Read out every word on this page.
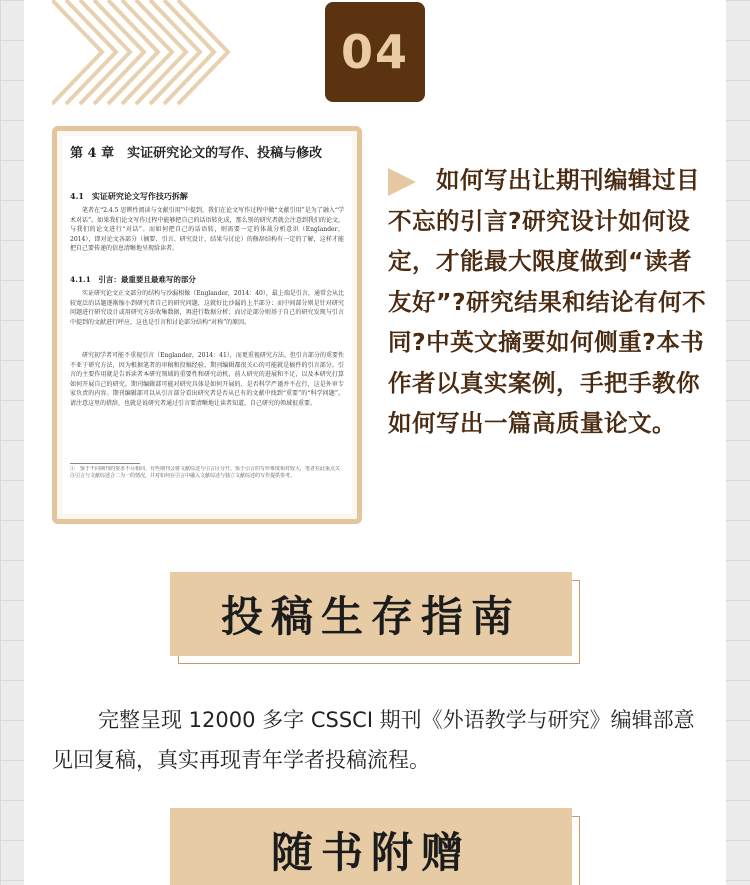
04
第 4 章　实证研究论文的写作、投稿与修改
4.1　实证研究论文写作技巧拆解
笔者在“2.4.5 思辨性阅读与文献引用”中提到，我们在论文写作过程中做“文献引用”是为了融入“学术对话”。如果我们论文写作过程中能够把自己的话语转化成，那么别的研究者就会注意到我们的论文，与我们的论文进行“对话”。而如何把自己的话语转，则需要一定的体裁分析意识（Englander，2014），即对论文各部分（摘要、引言、研究设计、结果与讨论）的修辞结构有一定的了解，这样才能把自己要传递的信息清晰地呈现给读者。
4.1.1　引言：最重要且最难写的部分
实证研究论文正文部分的结构与沙漏相像（Englander，2014：40），最上端是引言，通常会从比较宽泛的话题逐渐缩小到研究者自己的研究问题，这就好比沙漏的上半部分；而中间部分则是针对研究问题进行研究设计或用研究方法收集数据，再进行数据分析；而讨论部分则基于自己的研究发现与引言中提到的文献进行呼应，这也是引言和讨论部分结构“对称”的原因。
研究初学者可能不重视引言（Englander，2014：41），而更重视研究方法。但引言部分的重要性不亚于研究方法，因为根据笔者的审稿和投稿经验，期刊编辑都很关心的可能就是稿件的引言部分。引言的主要作用就是告诉读者本研究领域的重要性和研究动机，前人研究的进展和不足，以及本研究打算如何开展自己的研究。期刊编辑部可能对研究具体是如何开展的、是否科学严谨并不在行，这是外审专家负责的内容。期刊编辑部可以从引言部分看出研究者是否从已有的文献中找到“重要”的“科学问题”。请注意这里的措辞，也就是说研究者通过引言要清晰地让读者知道，自己研究的领域很重要。
①　鉴于不同期刊的要求不尽相同，有些期刊会将文献综述与引言区分开。鉴于引言的写作难度相对较大，笔者在此重点关注引言与文献综述合二为一的情况，并对如何在引言中融入文献综述与独立文献综述的写作提供参考。
如何写出让期刊编辑过目不忘的引言?研究设计如何设定，才能最大限度做到“读者友好”?研究结果和结论有何不同?中英文摘要如何侧重?本书作者以真实案例，手把手教你如何写出一篇高质量论文。
投稿生存指南
完整呈现 12000 多字 CSSCI 期刊《外语教学与研究》编辑部意见回复稿，真实再现青年学者投稿流程。
随书附赠
